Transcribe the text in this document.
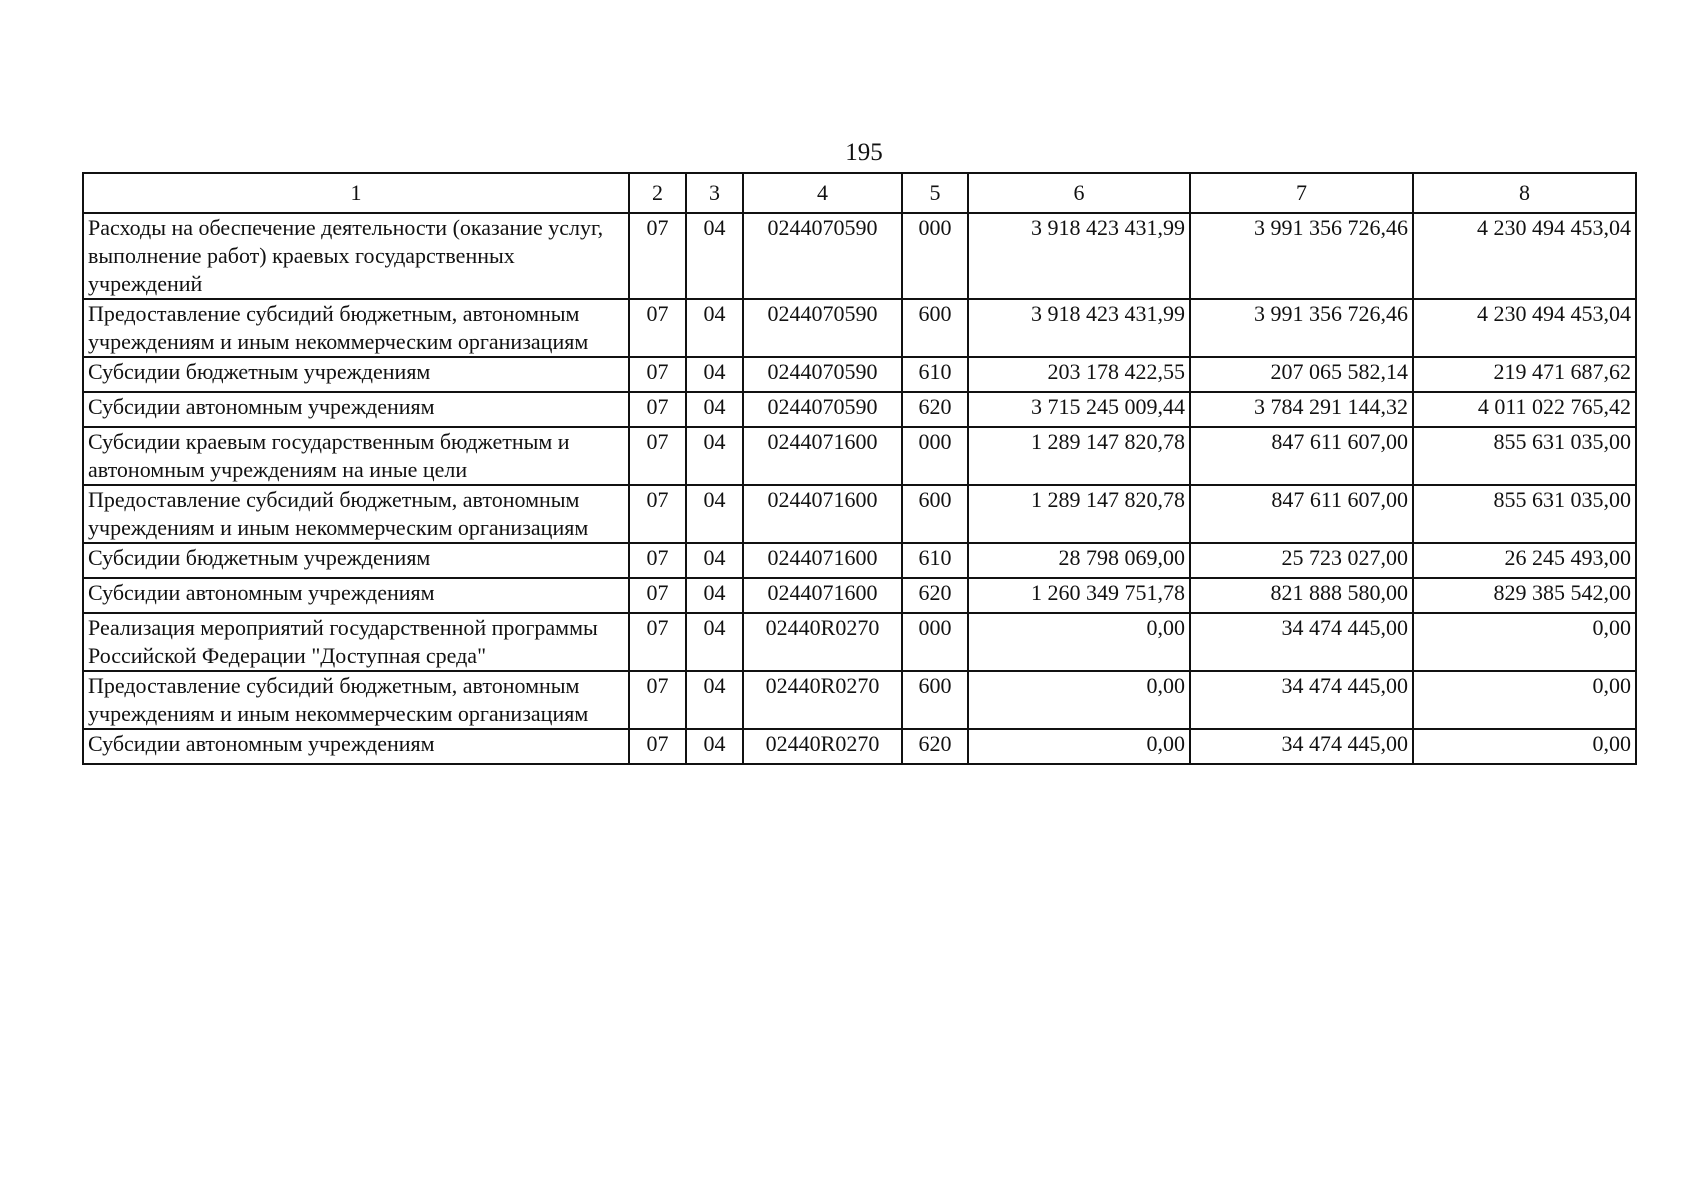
195
1	2	3	4	5	6	7	8
Расходы на обеспечение деятельности (оказание услуг, выполнение работ) краевых государственных учреждений	07	04	0244070590	000	3 918 423 431,99	3 991 356 726,46	4 230 494 453,04
Предоставление субсидий бюджетным, автономным учреждениям и иным некоммерческим организациям	07	04	0244070590	600	3 918 423 431,99	3 991 356 726,46	4 230 494 453,04
Субсидии бюджетным учреждениям	07	04	0244070590	610	203 178 422,55	207 065 582,14	219 471 687,62
Субсидии автономным учреждениям	07	04	0244070590	620	3 715 245 009,44	3 784 291 144,32	4 011 022 765,42
Субсидии краевым государственным бюджетным и автономным учреждениям на иные цели	07	04	0244071600	000	1 289 147 820,78	847 611 607,00	855 631 035,00
Предоставление субсидий бюджетным, автономным учреждениям и иным некоммерческим организациям	07	04	0244071600	600	1 289 147 820,78	847 611 607,00	855 631 035,00
Субсидии бюджетным учреждениям	07	04	0244071600	610	28 798 069,00	25 723 027,00	26 245 493,00
Субсидии автономным учреждениям	07	04	0244071600	620	1 260 349 751,78	821 888 580,00	829 385 542,00
Реализация мероприятий государственной программы Российской Федерации "Доступная среда"	07	04	02440R0270	000	0,00	34 474 445,00	0,00
Предоставление субсидий бюджетным, автономным учреждениям и иным некоммерческим организациям	07	04	02440R0270	600	0,00	34 474 445,00	0,00
Субсидии автономным учреждениям	07	04	02440R0270	620	0,00	34 474 445,00	0,00
